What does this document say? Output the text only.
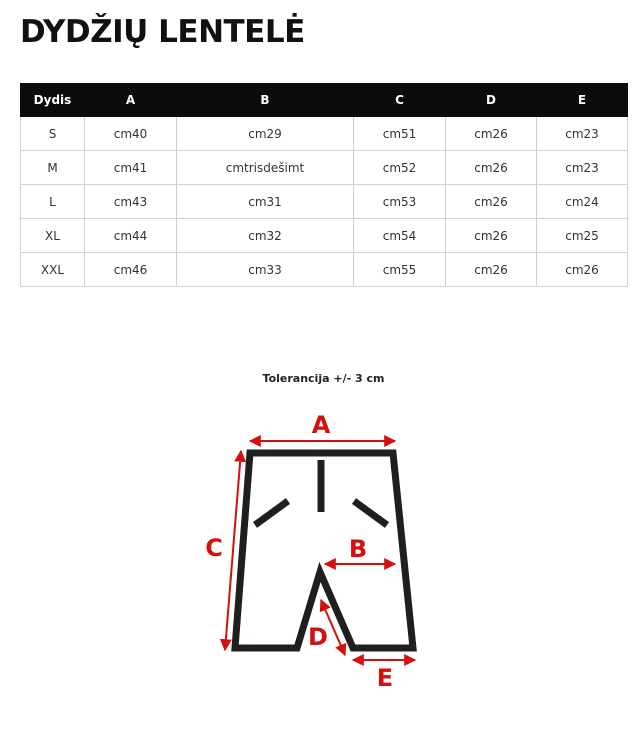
DYDŽIŲ LENTELĖ
Dydis	A	B	C	D	E
S	cm40	cm29	cm51	cm26	cm23
M	cm41	cmtrisdešimt	cm52	cm26	cm23
L	cm43	cm31	cm53	cm26	cm24
XL	cm44	cm32	cm54	cm26	cm25
XXL	cm46	cm33	cm55	cm26	cm26

Tolerancija +/- 3 cm

A
B
C
D
E
